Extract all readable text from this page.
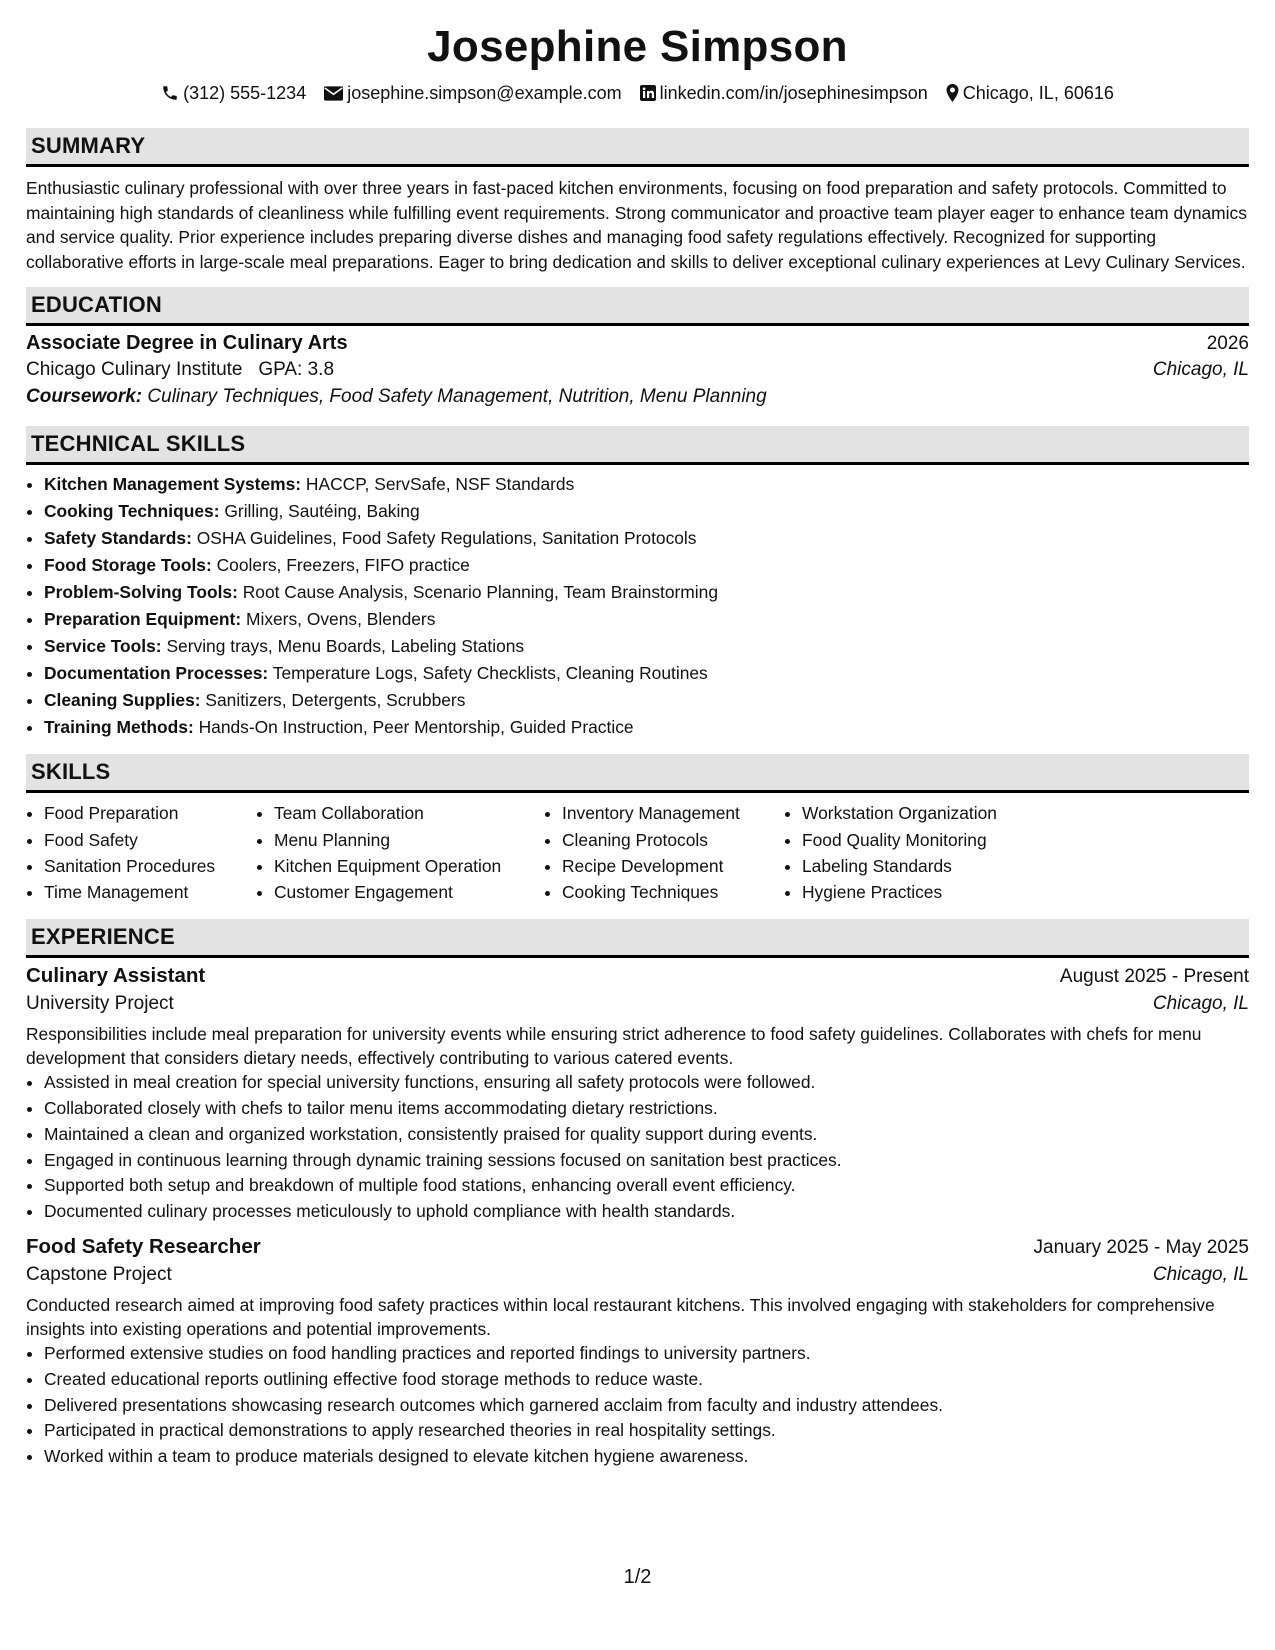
Josephine Simpson
(312) 555-1234 josephine.simpson@example.com linkedin.com/in/josephinesimpson Chicago, IL, 60616
SUMMARY
Enthusiastic culinary professional with over three years in fast-paced kitchen environments, focusing on food preparation and safety protocols. Committed to maintaining high standards of cleanliness while fulfilling event requirements. Strong communicator and proactive team player eager to enhance team dynamics and service quality. Prior experience includes preparing diverse dishes and managing food safety regulations effectively. Recognized for supporting collaborative efforts in large-scale meal preparations. Eager to bring dedication and skills to deliver exceptional culinary experiences at Levy Culinary Services.
EDUCATION
Associate Degree in Culinary Arts	2026
Chicago Culinary Institute GPA: 3.8	Chicago, IL
Coursework: Culinary Techniques, Food Safety Management, Nutrition, Menu Planning
TECHNICAL SKILLS
• Kitchen Management Systems: HACCP, ServSafe, NSF Standards
• Cooking Techniques: Grilling, Sautéing, Baking
• Safety Standards: OSHA Guidelines, Food Safety Regulations, Sanitation Protocols
• Food Storage Tools: Coolers, Freezers, FIFO practice
• Problem-Solving Tools: Root Cause Analysis, Scenario Planning, Team Brainstorming
• Preparation Equipment: Mixers, Ovens, Blenders
• Service Tools: Serving trays, Menu Boards, Labeling Stations
• Documentation Processes: Temperature Logs, Safety Checklists, Cleaning Routines
• Cleaning Supplies: Sanitizers, Detergents, Scrubbers
• Training Methods: Hands-On Instruction, Peer Mentorship, Guided Practice
SKILLS
• Food Preparation
• Food Safety
• Sanitation Procedures
• Time Management
• Team Collaboration
• Menu Planning
• Kitchen Equipment Operation
• Customer Engagement
• Inventory Management
• Cleaning Protocols
• Recipe Development
• Cooking Techniques
• Workstation Organization
• Food Quality Monitoring
• Labeling Standards
• Hygiene Practices
EXPERIENCE
Culinary Assistant	August 2025 - Present
University Project	Chicago, IL
Responsibilities include meal preparation for university events while ensuring strict adherence to food safety guidelines. Collaborates with chefs for menu development that considers dietary needs, effectively contributing to various catered events.
• Assisted in meal creation for special university functions, ensuring all safety protocols were followed.
• Collaborated closely with chefs to tailor menu items accommodating dietary restrictions.
• Maintained a clean and organized workstation, consistently praised for quality support during events.
• Engaged in continuous learning through dynamic training sessions focused on sanitation best practices.
• Supported both setup and breakdown of multiple food stations, enhancing overall event efficiency.
• Documented culinary processes meticulously to uphold compliance with health standards.
Food Safety Researcher	January 2025 - May 2025
Capstone Project	Chicago, IL
Conducted research aimed at improving food safety practices within local restaurant kitchens. This involved engaging with stakeholders for comprehensive insights into existing operations and potential improvements.
• Performed extensive studies on food handling practices and reported findings to university partners.
• Created educational reports outlining effective food storage methods to reduce waste.
• Delivered presentations showcasing research outcomes which garnered acclaim from faculty and industry attendees.
• Participated in practical demonstrations to apply researched theories in real hospitality settings.
• Worked within a team to produce materials designed to elevate kitchen hygiene awareness.
1/2
